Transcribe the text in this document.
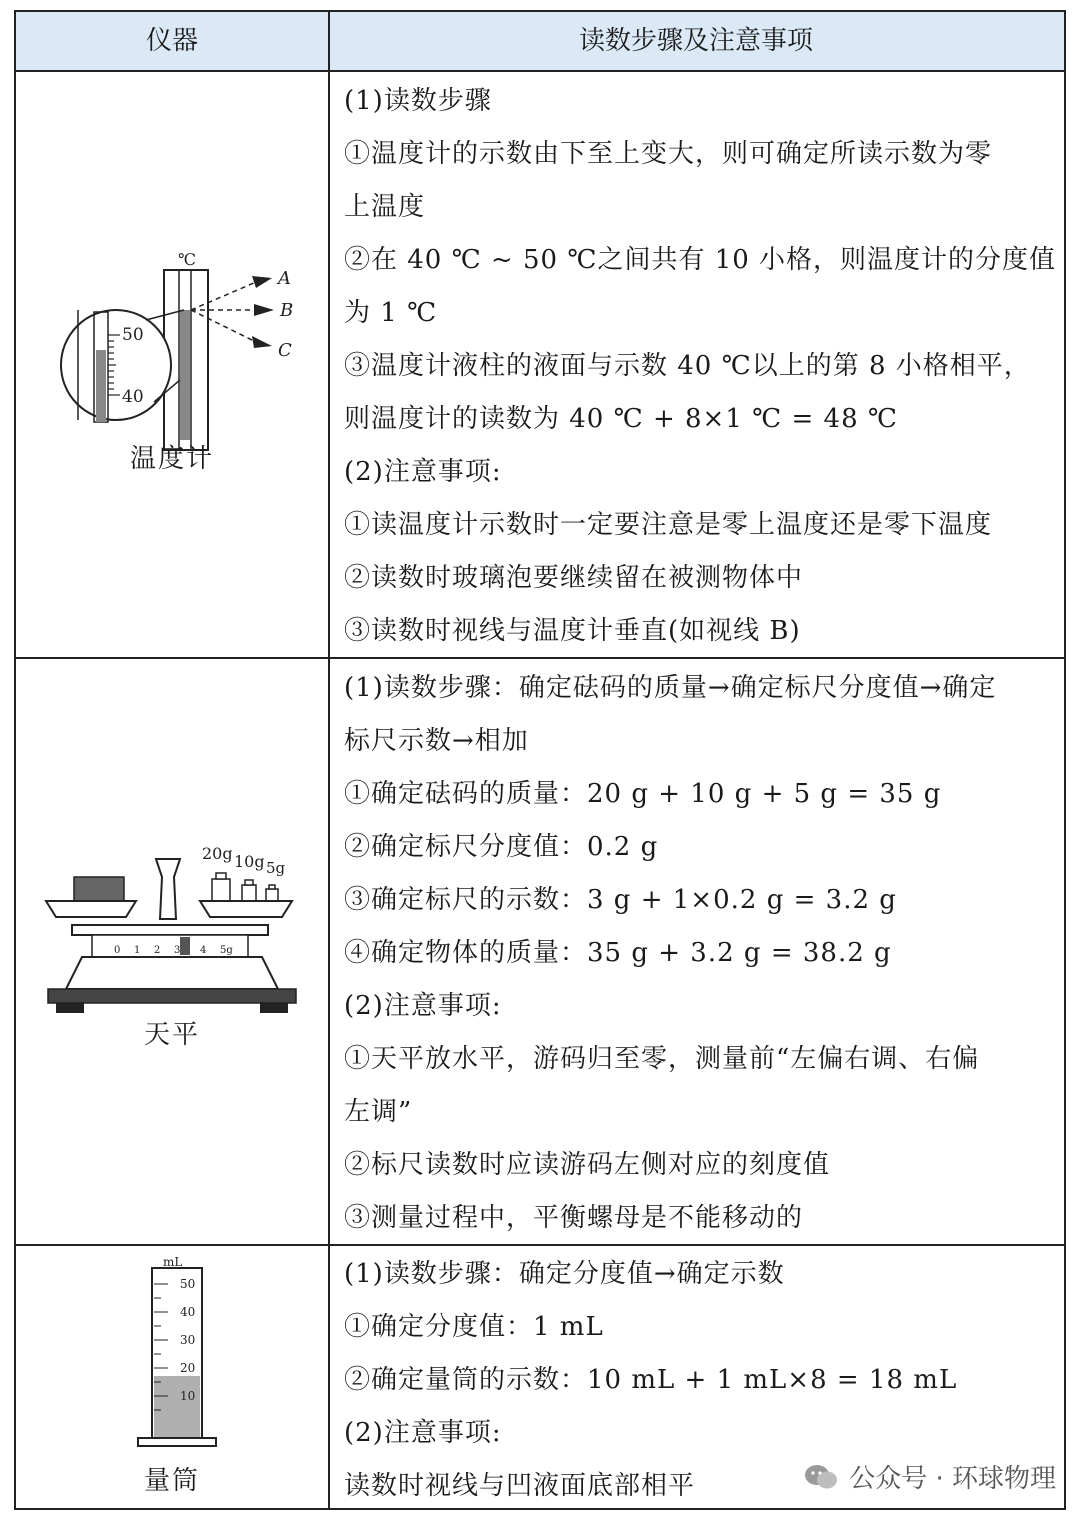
仪器	读数步骤及注意事项
℃
A
B
C
50
40
温度计
(1)读数步骤
①温度计的示数由下至上变大，则可确定所读示数为零
上温度
②在 40 ℃ ~ 50 ℃之间共有 10 小格，则温度计的分度值
为 1 ℃
③温度计液柱的液面与示数 40 ℃以上的第 8 小格相平，
则温度计的读数为 40 ℃ + 8×1 ℃ = 48 ℃
(2)注意事项:
①读温度计示数时一定要注意是零上温度还是零下温度
②读数时玻璃泡要继续留在被测物体中
③读数时视线与温度计垂直(如视线 B)
20g 10g 5g
0 1 2 3 4 5g
天平
(1)读数步骤：确定砝码的质量→确定标尺分度值→确定
标尺示数→相加
①确定砝码的质量：20 g + 10 g + 5 g = 35 g
②确定标尺分度值：0.2 g
③确定标尺的示数：3 g + 1×0.2 g = 3.2 g
④确定物体的质量：35 g + 3.2 g = 38.2 g
(2)注意事项:
①天平放水平，游码归至零，测量前“左偏右调、右偏
左调”
②标尺读数时应读游码左侧对应的刻度值
③测量过程中，平衡螺母是不能移动的
mL
50
40
30
20
10
量筒
(1)读数步骤：确定分度值→确定示数
①确定分度值：1 mL
②确定量筒的示数：10 mL + 1 mL×8 = 18 mL
(2)注意事项:
读数时视线与凹液面底部相平	公众号 · 环球物理
